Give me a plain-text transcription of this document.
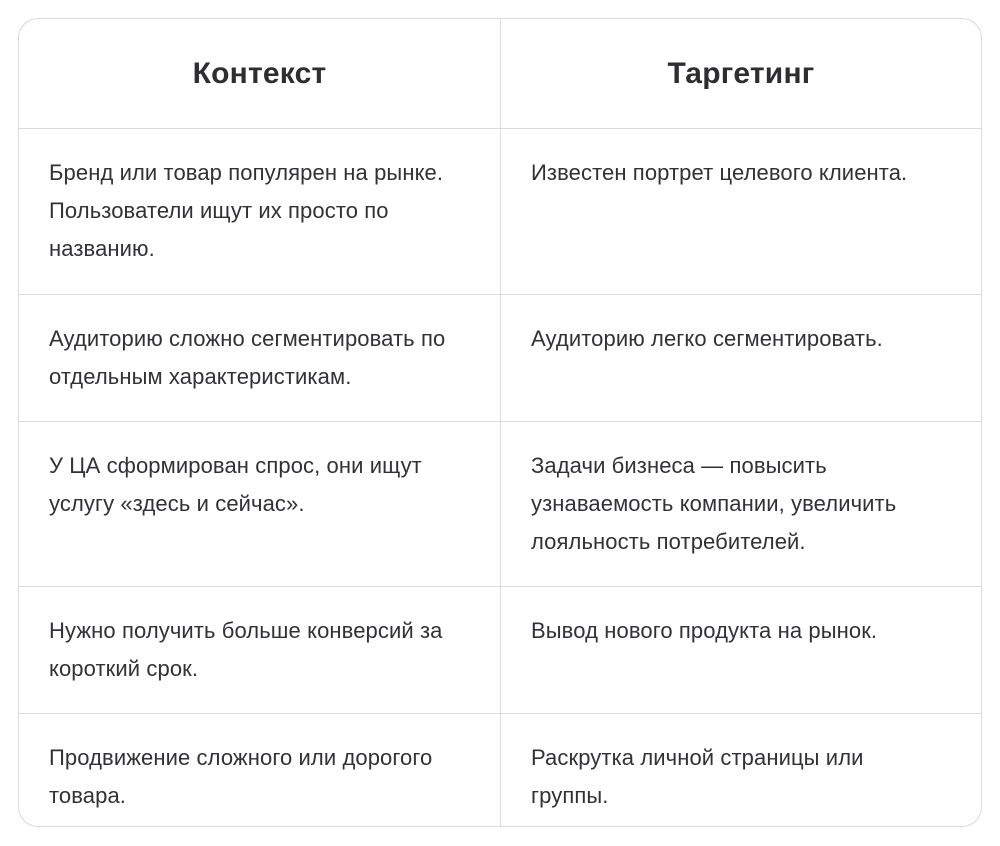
Контекст	Таргетинг
Бренд или товар популярен на рынке. Пользователи ищут их просто по названию.
Известен портрет целевого клиента.
Аудиторию сложно сегментировать по отдельным характеристикам.
Аудиторию легко сегментировать.
У ЦА сформирован спрос, они ищут услугу «здесь и сейчас».
Задачи бизнеса — повысить узнаваемость компании, увеличить лояльность потребителей.
Нужно получить больше конверсий за короткий срок.
Вывод нового продукта на рынок.
Продвижение сложного или дорогого товара.
Раскрутка личной страницы или группы.
